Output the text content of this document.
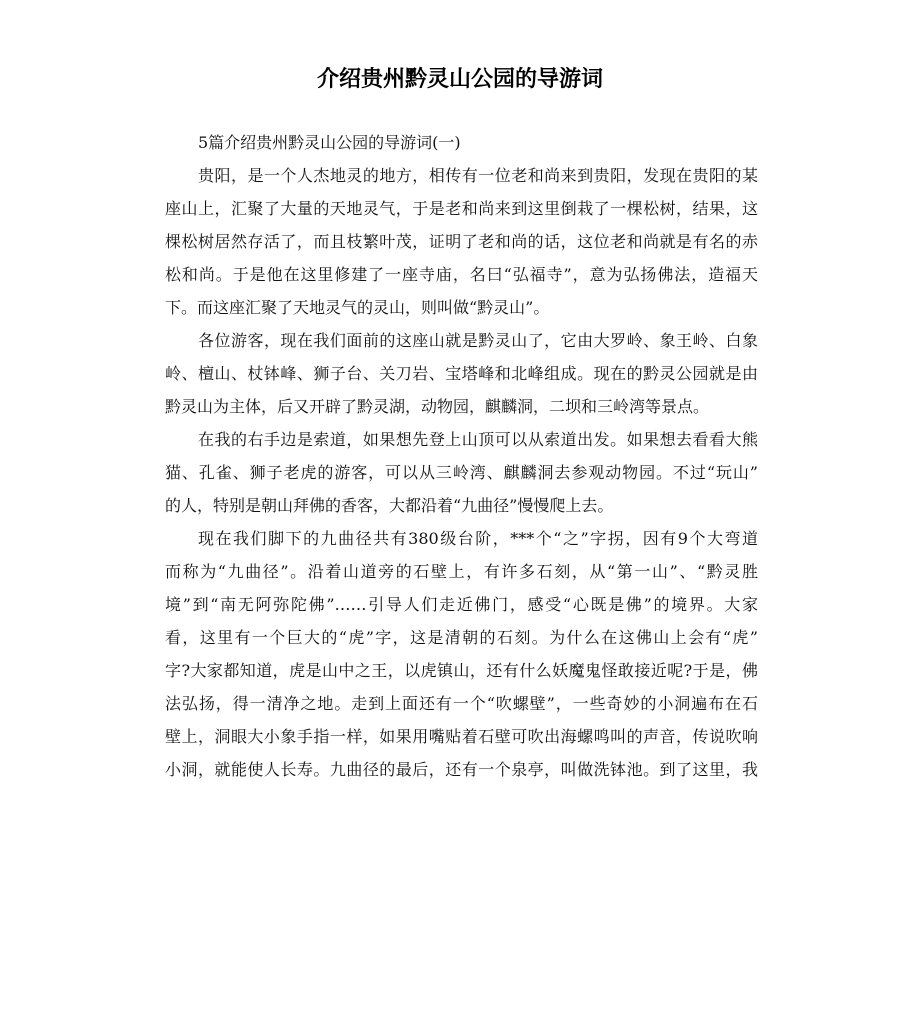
介绍贵州黔灵山公园的导游词
5篇介绍贵州黔灵山公园的导游词(一)
贵阳，是一个人杰地灵的地方，相传有一位老和尚来到贵阳，发现在贵阳的某
座山上，汇聚了大量的天地灵气，于是老和尚来到这里倒栽了一棵松树，结果，这
棵松树居然存活了，而且枝繁叶茂，证明了老和尚的话，这位老和尚就是有名的赤
松和尚。于是他在这里修建了一座寺庙，名曰“弘福寺”，意为弘扬佛法，造福天
下。而这座汇聚了天地灵气的灵山，则叫做“黔灵山”。
各位游客，现在我们面前的这座山就是黔灵山了，它由大罗岭、象王岭、白象
岭、檀山、杖钵峰、狮子台、关刀岩、宝塔峰和北峰组成。现在的黔灵公园就是由
黔灵山为主体，后又开辟了黔灵湖，动物园，麒麟洞，二坝和三岭湾等景点。
在我的右手边是索道，如果想先登上山顶可以从索道出发。如果想去看看大熊
猫、孔雀、狮子老虎的游客，可以从三岭湾、麒麟洞去参观动物园。不过“玩山”
的人，特别是朝山拜佛的香客，大都沿着“九曲径”慢慢爬上去。
现在我们脚下的九曲径共有380级台阶，***个“之”字拐，因有9个大弯道
而称为“九曲径”。沿着山道旁的石壁上，有许多石刻，从“第一山”、“黔灵胜
境”到“南无阿弥陀佛”……引导人们走近佛门，感受“心既是佛”的境界。大家
看，这里有一个巨大的“虎”字，这是清朝的石刻。为什么在这佛山上会有“虎”
字?大家都知道，虎是山中之王，以虎镇山，还有什么妖魔鬼怪敢接近呢?于是，佛
法弘扬，得一清净之地。走到上面还有一个“吹螺壁”，一些奇妙的小洞遍布在石
壁上，洞眼大小象手指一样，如果用嘴贴着石壁可吹出海螺鸣叫的声音，传说吹响
小洞，就能使人长寿。九曲径的最后，还有一个泉亭，叫做洗钵池。到了这里，我
